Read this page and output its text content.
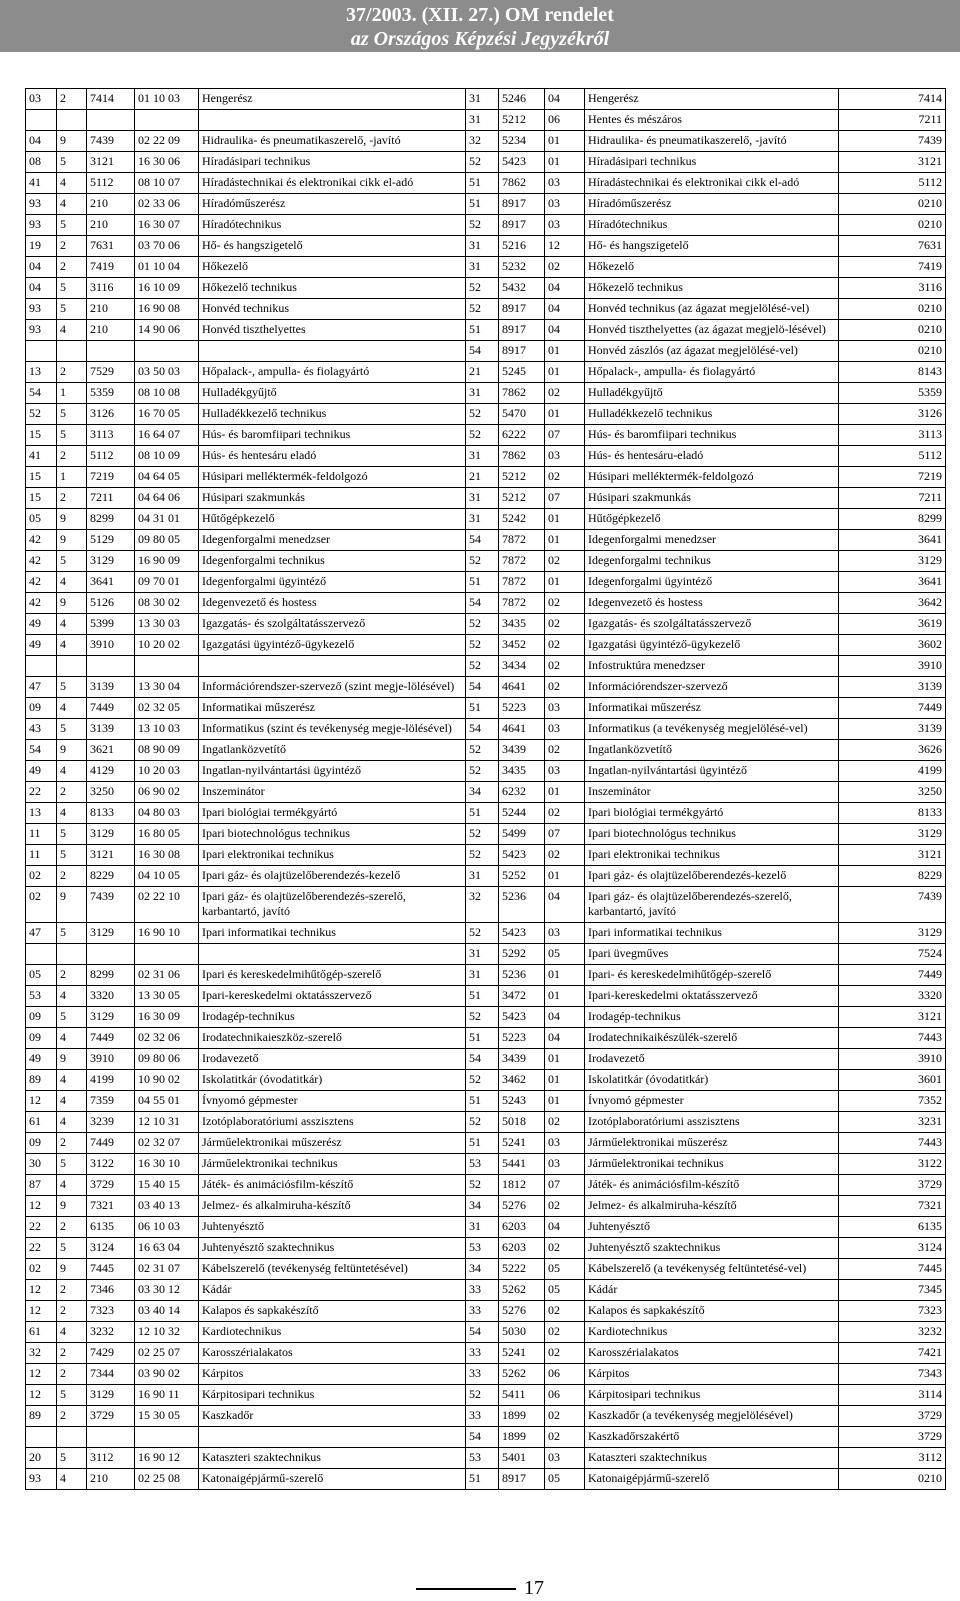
37/2003. (XII. 27.) OM rendelet
az Országos Képzési Jegyzékről
03	2	7414	01 10 03	Hengerész	31	5246	04	Hengerész	7414
					31	5212	06	Hentes és mészáros	7211
04	9	7439	02 22 09	Hidraulika- és pneumatikaszerelő, -javító	32	5234	01	Hidraulika- és pneumatikaszerelő, -javító	7439
08	5	3121	16 30 06	Híradásipari technikus	52	5423	01	Híradásipari technikus	3121
41	4	5112	08 10 07	Híradástechnikai és elektronikai cikk el-adó	51	7862	03	Híradástechnikai és elektronikai cikk el-adó	5112
93	4	210	02 33 06	Híradóműszerész	51	8917	03	Híradóműszerész	0210
93	5	210	16 30 07	Híradótechnikus	52	8917	03	Híradótechnikus	0210
19	2	7631	03 70 06	Hő- és hangszigetelő	31	5216	12	Hő- és hangszigetelő	7631
04	2	7419	01 10 04	Hőkezelő	31	5232	02	Hőkezelő	7419
04	5	3116	16 10 09	Hőkezelő technikus	52	5432	04	Hőkezelő technikus	3116
93	5	210	16 90 08	Honvéd technikus	52	8917	04	Honvéd technikus (az ágazat megjelölésé-vel)	0210
93	4	210	14 90 06	Honvéd tiszthelyettes	51	8917	04	Honvéd tiszthelyettes (az ágazat megjelö-lésével)	0210
					54	8917	01	Honvéd zászlós (az ágazat megjelölésé-vel)	0210
13	2	7529	03 50 03	Hőpalack-, ampulla- és fiolagyártó	21	5245	01	Hőpalack-, ampulla- és fiolagyártó	8143
54	1	5359	08 10 08	Hulladékgyűjtő	31	7862	02	Hulladékgyűjtő	5359
52	5	3126	16 70 05	Hulladékkezelő technikus	52	5470	01	Hulladékkezelő technikus	3126
15	5	3113	16 64 07	Hús- és baromfiipari technikus	52	6222	07	Hús- és baromfiipari technikus	3113
41	2	5112	08 10 09	Hús- és hentesáru eladó	31	7862	03	Hús- és hentesáru-eladó	5112
15	1	7219	04 64 05	Húsipari melléktermék-feldolgozó	21	5212	02	Húsipari melléktermék-feldolgozó	7219
15	2	7211	04 64 06	Húsipari szakmunkás	31	5212	07	Húsipari szakmunkás	7211
05	9	8299	04 31 01	Hűtőgépkezelő	31	5242	01	Hűtőgépkezelő	8299
42	9	5129	09 80 05	Idegenforgalmi menedzser	54	7872	01	Idegenforgalmi menedzser	3641
42	5	3129	16 90 09	Idegenforgalmi technikus	52	7872	02	Idegenforgalmi technikus	3129
42	4	3641	09 70 01	Idegenforgalmi ügyintéző	51	7872	01	Idegenforgalmi ügyintéző	3641
42	9	5126	08 30 02	Idegenvezető és hostess	54	7872	02	Idegenvezető és hostess	3642
49	4	5399	13 30 03	Igazgatás- és szolgáltatásszervező	52	3435	02	Igazgatás- és szolgáltatásszervező	3619
49	4	3910	10 20 02	Igazgatási ügyintéző-ügykezelő	52	3452	02	Igazgatási ügyintéző-ügykezelő	3602
					52	3434	02	Infostruktúra menedzser	3910
47	5	3139	13 30 04	Információrendszer-szervező (szint megje-lölésével)	54	4641	02	Információrendszer-szervező	3139
09	4	7449	02 32 05	Informatikai műszerész	51	5223	03	Informatikai műszerész	7449
43	5	3139	13 10 03	Informatikus (szint és tevékenység megje-lölésével)	54	4641	03	Informatikus (a tevékenység megjelölésé-vel)	3139
54	9	3621	08 90 09	Ingatlanközvetítő	52	3439	02	Ingatlanközvetítő	3626
49	4	4129	10 20 03	Ingatlan-nyilvántartási ügyintéző	52	3435	03	Ingatlan-nyilvántartási ügyintéző	4199
22	2	3250	06 90 02	Inszeminátor	34	6232	01	Inszeminátor	3250
13	4	8133	04 80 03	Ipari biológiai termékgyártó	51	5244	02	Ipari biológiai termékgyártó	8133
11	5	3129	16 80 05	Ipari biotechnológus technikus	52	5499	07	Ipari biotechnológus technikus	3129
11	5	3121	16 30 08	Ipari elektronikai technikus	52	5423	02	Ipari elektronikai technikus	3121
02	2	8229	04 10 05	Ipari gáz- és olajtüzelőberendezés-kezelő	31	5252	01	Ipari gáz- és olajtüzelőberendezés-kezelő	8229
02	9	7439	02 22 10	Ipari gáz- és olajtüzelőberendezés-szerelő, karbantartó, javító	32	5236	04	Ipari gáz- és olajtüzelőberendezés-szerelő, karbantartó, javító	7439
47	5	3129	16 90 10	Ipari informatikai technikus	52	5423	03	Ipari informatikai technikus	3129
					31	5292	05	Ipari üvegműves	7524
05	2	8299	02 31 06	Ipari és kereskedelmihűtőgép-szerelő	31	5236	01	Ipari- és kereskedelmihűtőgép-szerelő	7449
53	4	3320	13 30 05	Ipari-kereskedelmi oktatásszervező	51	3472	01	Ipari-kereskedelmi oktatásszervező	3320
09	5	3129	16 30 09	Irodagép-technikus	52	5423	04	Irodagép-technikus	3121
09	4	7449	02 32 06	Irodatechnikaieszköz-szerelő	51	5223	04	Irodatechnikaikészülék-szerelő	7443
49	9	3910	09 80 06	Irodavezető	54	3439	01	Irodavezető	3910
89	4	4199	10 90 02	Iskolatitkár (óvodatitkár)	52	3462	01	Iskolatitkár (óvodatitkár)	3601
12	4	7359	04 55 01	Ívnyomó gépmester	51	5243	01	Ívnyomó gépmester	7352
61	4	3239	12 10 31	Izotóplaboratóriumi asszisztens	52	5018	02	Izotóplaboratóriumi asszisztens	3231
09	2	7449	02 32 07	Járműelektronikai műszerész	51	5241	03	Járműelektronikai műszerész	7443
30	5	3122	16 30 10	Járműelektronikai technikus	53	5441	03	Járműelektronikai technikus	3122
87	4	3729	15 40 15	Játék- és animációsfilm-készítő	52	1812	07	Játék- és animációsfilm-készítő	3729
12	9	7321	03 40 13	Jelmez- és alkalmiruha-készítő	34	5276	02	Jelmez- és alkalmiruha-készítő	7321
22	2	6135	06 10 03	Juhtenyésztő	31	6203	04	Juhtenyésztő	6135
22	5	3124	16 63 04	Juhtenyésztő szaktechnikus	53	6203	02	Juhtenyésztő szaktechnikus	3124
02	9	7445	02 31 07	Kábelszerelő (tevékenység feltüntetésével)	34	5222	05	Kábelszerelő (a tevékenység feltüntetésé-vel)	7445
12	2	7346	03 30 12	Kádár	33	5262	05	Kádár	7345
12	2	7323	03 40 14	Kalapos és sapkakészítő	33	5276	02	Kalapos és sapkakészítő	7323
61	4	3232	12 10 32	Kardiotechnikus	54	5030	02	Kardiotechnikus	3232
32	2	7429	02 25 07	Karosszérialakatos	33	5241	02	Karosszérialakatos	7421
12	2	7344	03 90 02	Kárpitos	33	5262	06	Kárpitos	7343
12	5	3129	16 90 11	Kárpitosipari technikus	52	5411	06	Kárpitosipari technikus	3114
89	2	3729	15 30 05	Kaszkadőr	33	1899	02	Kaszkadőr (a tevékenység megjelölésével)	3729
					54	1899	02	Kaszkadőrszakértő	3729
20	5	3112	16 90 12	Kataszteri szaktechnikus	53	5401	03	Kataszteri szaktechnikus	3112
93	4	210	02 25 08	Katonaigépjármű-szerelő	51	8917	05	Katonaigépjármű-szerelő	0210
17
